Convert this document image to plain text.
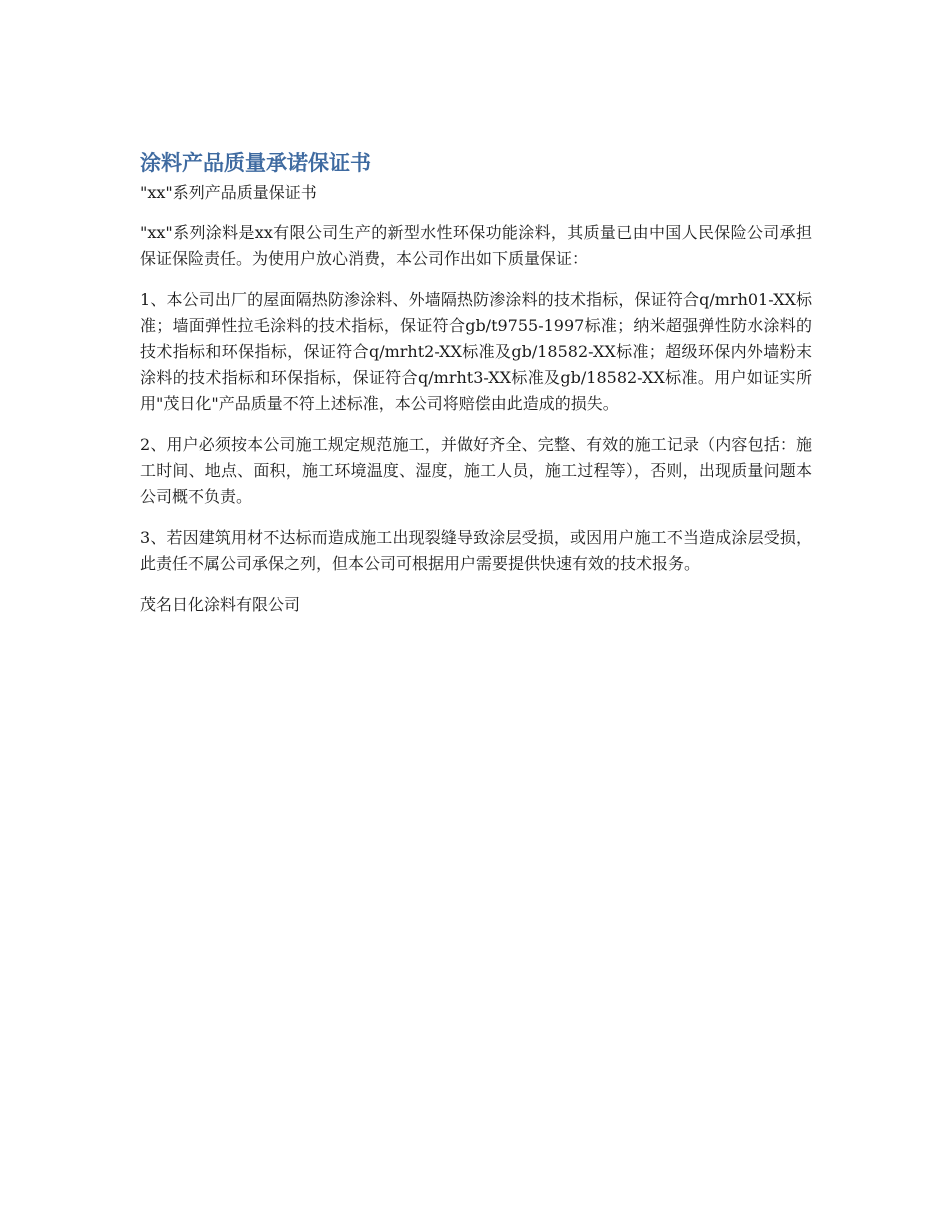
涂料产品质量承诺保证书

"xx"系列产品质量保证书

"xx"系列涂料是xx有限公司生产的新型水性环保功能涂料，其质量已由中国人民保险公司承担保证保险责任。为使用户放心消费，本公司作出如下质量保证：

1、本公司出厂的屋面隔热防渗涂料、外墙隔热防渗涂料的技术指标，保证符合q/mrh01-XX标准；墙面弹性拉毛涂料的技术指标，保证符合gb/t9755-1997标准；纳米超强弹性防水涂料的技术指标和环保指标，保证符合q/mrht2-XX标准及gb/18582-XX标准；超级环保内外墙粉末涂料的技术指标和环保指标，保证符合q/mrht3-XX标准及gb/18582-XX标准。用户如证实所用"茂日化"产品质量不符上述标准，本公司将赔偿由此造成的损失。

2、用户必须按本公司施工规定规范施工，并做好齐全、完整、有效的施工记录（内容包括：施工时间、地点、面积，施工环境温度、湿度，施工人员，施工过程等），否则，出现质量问题本公司概不负责。

3、若因建筑用材不达标而造成施工出现裂缝导致涂层受损，或因用户施工不当造成涂层受损，此责任不属公司承保之列，但本公司可根据用户需要提供快速有效的技术报务。

茂名日化涂料有限公司
